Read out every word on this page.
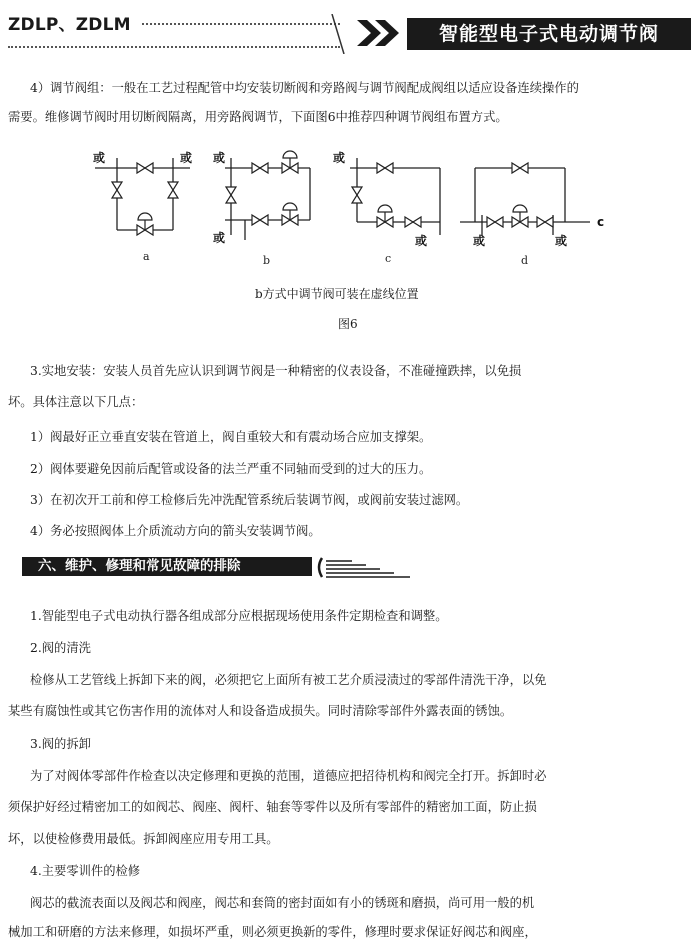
ZDLP、ZDLM	智能型电子式电动调节阀
4）调节阀组：一般在工艺过程配管中均安装切断阀和旁路阀与调节阀配成阀组以适应设备连续操作的
需要。维修调节阀时用切断阀隔离，用旁路阀调节，下面图6中推荐四种调节阀组布置方式。
或	或 或
或
或
或	或	或
c
a	b	c	d
b方式中调节阀可装在虚线位置
图6
3.实地安装：安装人员首先应认识到调节阀是一种精密的仪表设备，不准碰撞跌摔，以免损
坏。具体注意以下几点：
1）阀最好正立垂直安装在管道上，阀自重较大和有震动场合应加支撑架。
2）阀体要避免因前后配管或设备的法兰严重不同轴而受到的过大的压力。
3）在初次开工前和停工检修后先冲洗配管系统后装调节阀，或阀前安装过滤网。
4）务必按照阀体上介质流动方向的箭头安装调节阀。
六、维护、修理和常见故障的排除
1.智能型电子式电动执行器各组成部分应根据现场使用条件定期检查和调整。
2.阀的清洗
检修从工艺管线上拆卸下来的阀，必须把它上面所有被工艺介质浸渍过的零部件清洗干净，以免
某些有腐蚀性或其它伤害作用的流体对人和设备造成损失。同时清除零部件外露表面的锈蚀。
3.阀的拆卸
为了对阀体零部件作检查以决定修理和更换的范围，道德应把招待机构和阀完全打开。拆卸时必
须保护好经过精密加工的如阀芯、阀座、阀杆、轴套等零件以及所有零部件的精密加工面，防止损
坏，以使检修费用最低。拆卸阀座应用专用工具。
4.主要零训件的检修
阀芯的截流表面以及阀芯和阀座，阀芯和套筒的密封面如有小的锈斑和磨损，尚可用一般的机
械加工和研磨的方法来修理，如损坏严重，则必须更换新的零件，修理时要求保证好阀芯和阀座，
